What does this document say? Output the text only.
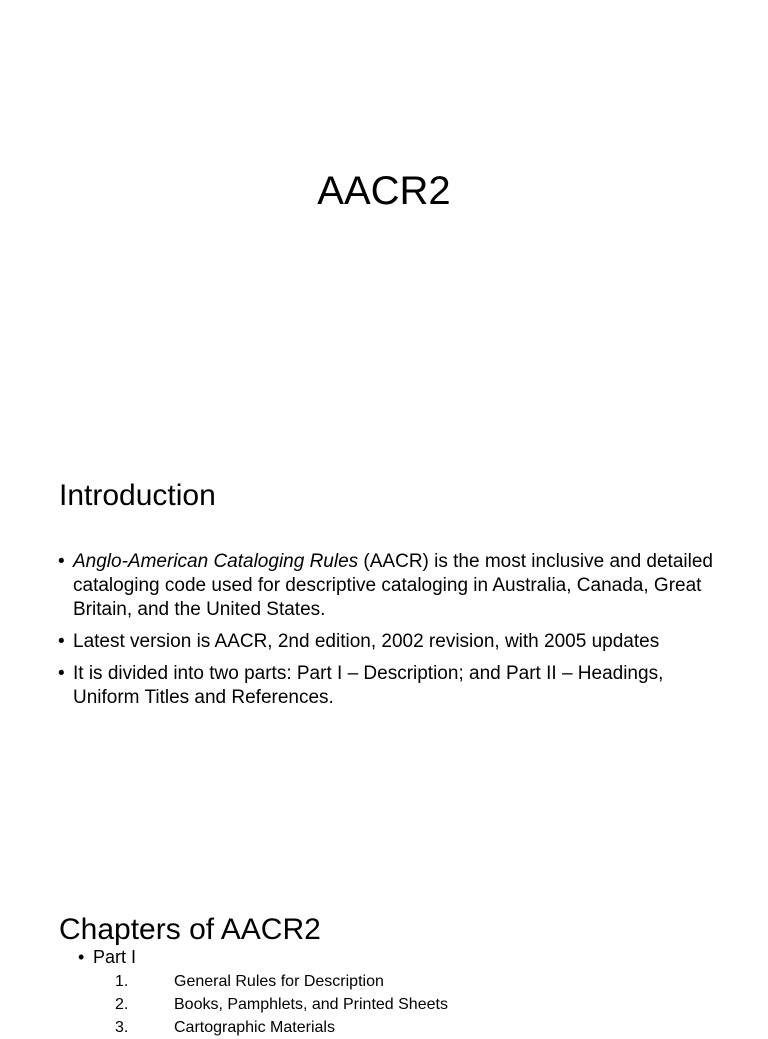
AACR2
Introduction
• Anglo-American Cataloging Rules (AACR) is the most inclusive and detailed cataloging code used for descriptive cataloging in Australia, Canada, Great Britain, and the United States.
• Latest version is AACR, 2nd edition, 2002 revision, with 2005 updates
• It is divided into two parts: Part I – Description; and Part II – Headings, Uniform Titles and References.
Chapters of AACR2
• Part I
1.	General Rules for Description
2.	Books, Pamphlets, and Printed Sheets
3.	Cartographic Materials
